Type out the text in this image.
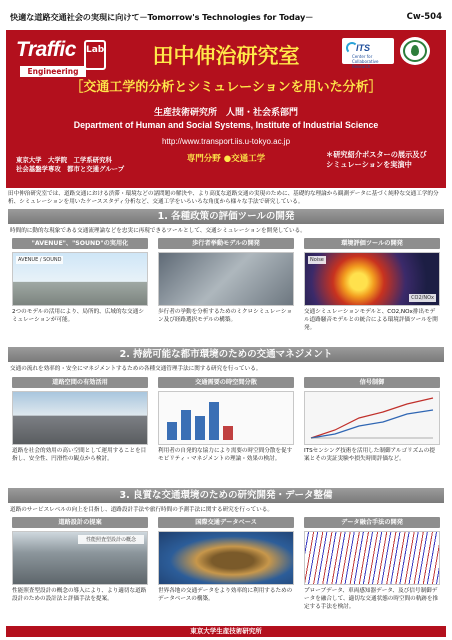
快適な道路交通社会の実現に向けて－Tomorrow's Technologies for Today－	Cw-504
Traffic Lab
Engineering
田中伸治研究室	ITS
Center for Collaborative Research
［交通工学的分析とシミュレーションを用いた分析］
生産技術研究所　人間・社会系部門
Department of Human and Social Systems, Institute of Industrial Science
http://www.transport.iis.u-tokyo.ac.jp
専門分野 ●交通工学
東京大学　大学院　工学系研究科
社会基盤学専攻　都市と交通グループ
＊研究紹介ポスターの展示及び シミュレーションを実演中
田中伸治研究室では、道路交通における渋滞・環境などの諸問題の解決や、より高度な道路交通の実現のために、基礎的な理論から観測データに基づく純粋な交通工学的分析、シミュレーションを用いたケーススタディ分析など、交通工学をいろいろな角度から様々な手法で研究している。
1. 各種政策の評価ツールの開発
時間的に動的な現象である交通流理論などを忠実に再現できるツールとして、交通シミュレーションを開発している。
"AVENUE"、"SOUND"の実用化
AVENUE / SOUND
2つのモデルの活用により、局所的、広域的な交通シミュレーションが可能。
歩行者挙動モデルの開発
歩行者の挙動を分析するためのミクロシミュレーション及び経路選択モデルの構築。
環境評価ツールの開発
Noise
CO2/NOx
交通シミュレーションモデルと、CO2,NOx排出モデル道路騒音モデルとの統合による環境評価ツールを開発。
2. 持続可能な都市環境のための交通マネジメント
交通の流れを効率的・安全にマネジメントするための各種交通管理手法に関する研究を行っている。
道路空間の有効活用
道路を社会的効用の高い空間として運用することを目指し、安全性、円滑性の観点から検討。
交通需要の時空間分散
利用者の自発的な協力により需要の時空間分散を促すモビリティ・マネジメントの理論・効果の検討。
信号制御
ITSセンシング技術を活用した制御アルゴリズムの提案とその実証実験や損失時間評価など。
3. 良質な交通環境のための研究開発・データ整備
道路のサービスレベルの向上を目指し、道路設計手法や旅行時間の予測手法に関する研究を行っている。
道路設計の提案
性能照査型設計の概念
性能照査型設計の概念の導入により、より適切な道路設計のための設計法と評価手法を提案。
国際交通データベース
世界各地の交通データをより効率的に利用するためのデータベースの構築。
データ融合手法の開発
プローブデータ、車両感知器データ、及び信号制御データを融合して、適切な交通状態の時空間の軌跡を推定する手法を検討。
東京大学生産技術研究所
